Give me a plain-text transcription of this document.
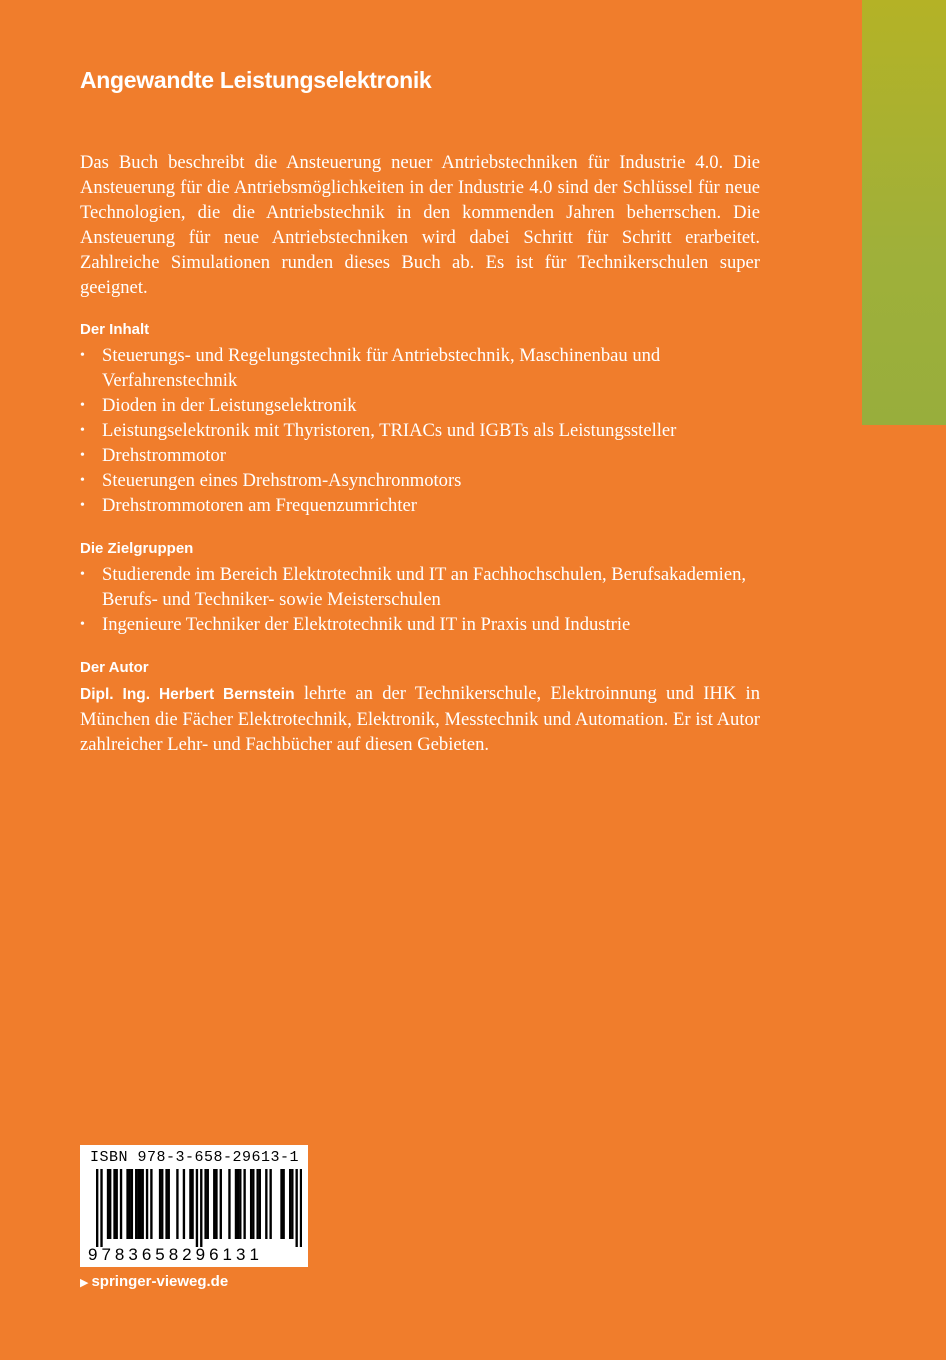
Angewandte Leistungselektronik

Das Buch beschreibt die Ansteuerung neuer Antriebstechniken für Industrie 4.0. Die Ansteuerung für die Antriebsmöglichkeiten in der Industrie 4.0 sind der Schlüssel für neue Technologien, die die Antriebstechnik in den kommenden Jahren beherrschen. Die Ansteuerung für neue Antriebstechniken wird dabei Schritt für Schritt erarbeitet. Zahlreiche Simulationen runden dieses Buch ab. Es ist für Technikerschulen super geeignet.

Der Inhalt
• Steuerungs- und Regelungstechnik für Antriebstechnik, Maschinenbau und Verfahrenstechnik
• Dioden in der Leistungselektronik
• Leistungselektronik mit Thyristoren, TRIACs und IGBTs als Leistungssteller
• Drehstrommotor
• Steuerungen eines Drehstrom-Asynchronmotors
• Drehstrommotoren am Frequenzumrichter
Die Zielgruppen
• Studierende im Bereich Elektrotechnik und IT an Fachhochschulen, Berufsakademien, Berufs- und Techniker- sowie Meisterschulen
• Ingenieure Techniker der Elektrotechnik und IT in Praxis und Industrie
Der Autor

Dipl. Ing. Herbert Bernstein lehrte an der Technikerschule, Elektroinnung und IHK in München die Fächer Elektrotechnik, Elektronik, Messtechnik und Automation. Er ist Autor zahlreicher Lehr- und Fachbücher auf diesen Gebieten.

ISBN 978-3-658-29613-1
9783658296131
▶ springer-vieweg.de
